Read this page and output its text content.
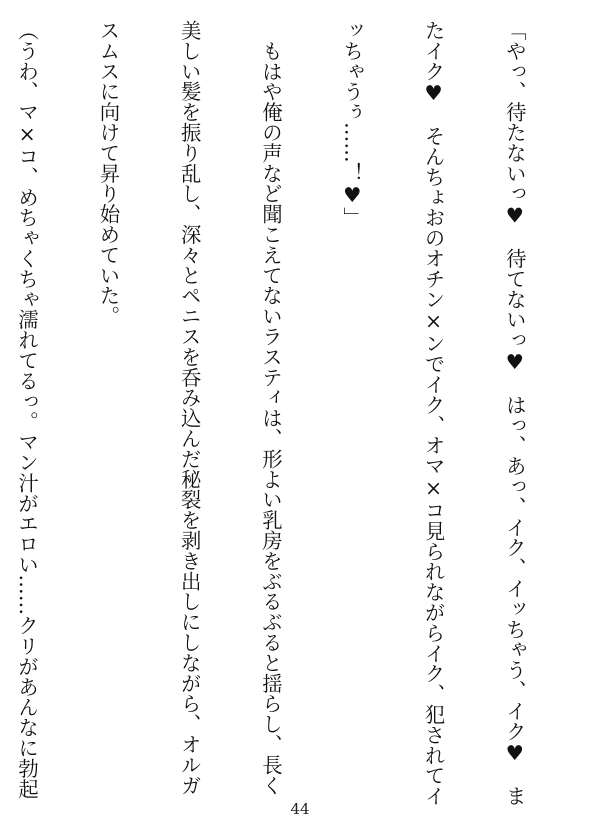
「やっ、待たないっ♥　待てないっ♥　はっ、あっ、イク、イッちゃう、イク♥　ま

たイク♥　そんちょおのオチン×ンでイク、オマ×コ見られながらイク、犯されてイ

ッちゃうぅ……！♥」

　もはや俺の声など聞こえてないラスティは、形よい乳房をぶるぶると揺らし、長く

美しい髪を振り乱し、深々とペニスを呑み込んだ秘裂を剥き出しにしながら、オルガ

スムスに向けて昇り始めていた。

（うわ、マ×コ、めちゃくちゃ濡れてるっ。マン汁がエロい……クリがあんなに勃起

44
